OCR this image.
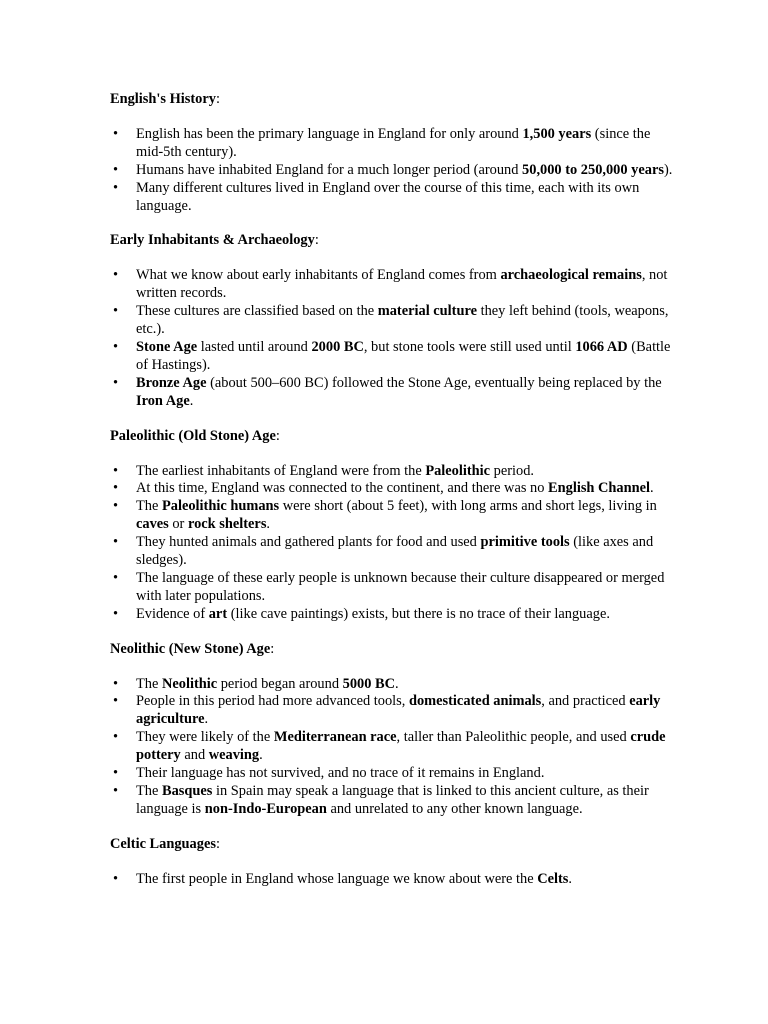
English's History:

• English has been the primary language in England for only around 1,500 years (since the mid-5th century).
• Humans have inhabited England for a much longer period (around 50,000 to 250,000 years).
• Many different cultures lived in England over the course of this time, each with its own language.

Early Inhabitants & Archaeology:

• What we know about early inhabitants of England comes from archaeological remains, not written records.
• These cultures are classified based on the material culture they left behind (tools, weapons, etc.).
• Stone Age lasted until around 2000 BC, but stone tools were still used until 1066 AD (Battle of Hastings).
• Bronze Age (about 500–600 BC) followed the Stone Age, eventually being replaced by the Iron Age.

Paleolithic (Old Stone) Age:

• The earliest inhabitants of England were from the Paleolithic period.
• At this time, England was connected to the continent, and there was no English Channel.
• The Paleolithic humans were short (about 5 feet), with long arms and short legs, living in caves or rock shelters.
• They hunted animals and gathered plants for food and used primitive tools (like axes and sledges).
• The language of these early people is unknown because their culture disappeared or merged with later populations.
• Evidence of art (like cave paintings) exists, but there is no trace of their language.

Neolithic (New Stone) Age:

• The Neolithic period began around 5000 BC.
• People in this period had more advanced tools, domesticated animals, and practiced early agriculture.
• They were likely of the Mediterranean race, taller than Paleolithic people, and used crude pottery and weaving.
• Their language has not survived, and no trace of it remains in England.
• The Basques in Spain may speak a language that is linked to this ancient culture, as their language is non-Indo-European and unrelated to any other known language.

Celtic Languages:

• The first people in England whose language we know about were the Celts.
